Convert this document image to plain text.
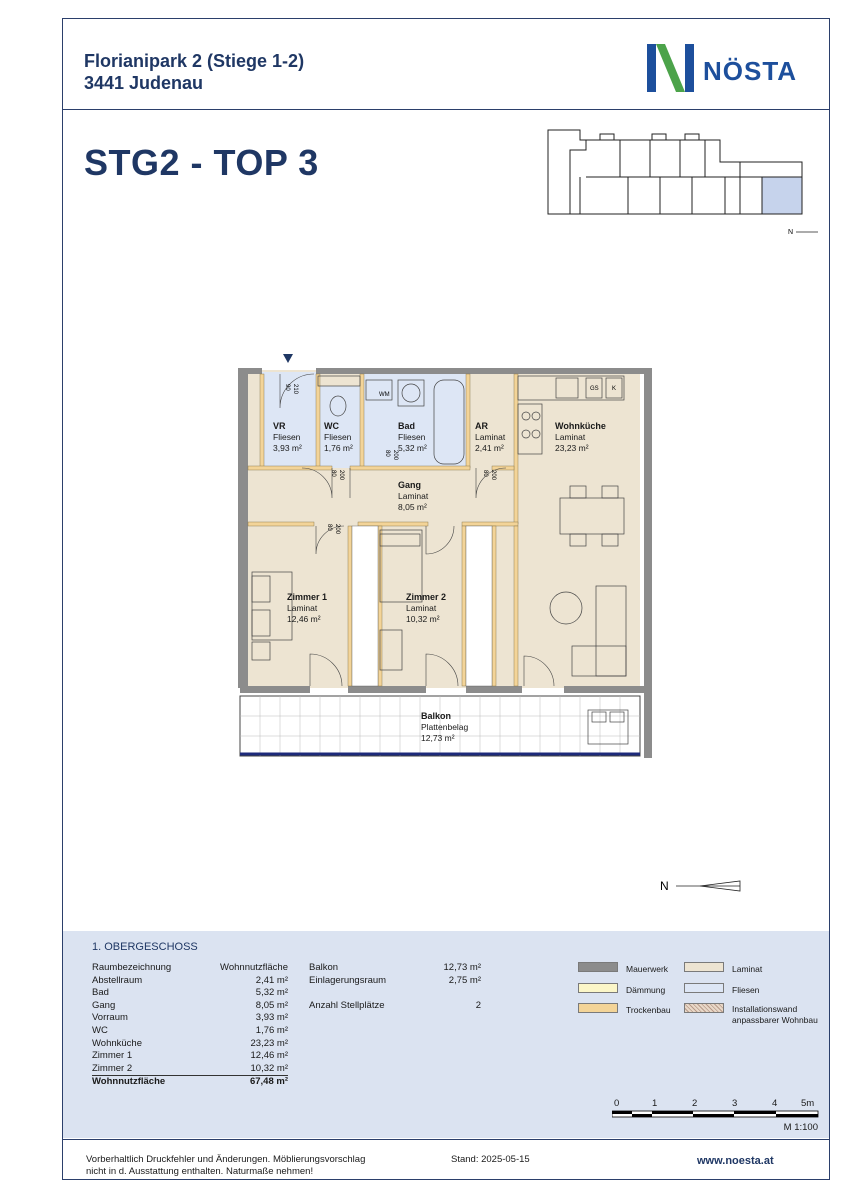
Florianipark 2 (Stiege 1-2)
3441 Judenau	NÖSTA
STG2 - TOP 3
N
90 210
80 200
80 200
80 200
80 200
WM
GS K
VR
Fliesen
3,93 m²
WC
Fliesen
1,76 m²
Bad
Fliesen
5,32 m²
AR
Laminat
2,41 m²
Wohnküche
Laminat
23,23 m²
Gang
Laminat
8,05 m²
Zimmer 1
Laminat
12,46 m²
Zimmer 2
Laminat
10,32 m²
Balkon
Plattenbelag
12,73 m²
N
1. OBERGESCHOSS
Raumbezeichnung	Wohnnutzfläche
Abstellraum	2,41 m²
Bad	5,32 m²
Gang	8,05 m²
Vorraum	3,93 m²
WC	1,76 m²
Wohnküche	23,23 m²
Zimmer 1	12,46 m²
Zimmer 2	10,32 m²
Wohnnutzfläche	67,48 m²
Balkon	12,73 m²
Einlagerungsraum	2,75 m²
Anzahl Stellplätze	2
Mauerwerk
Dämmung
Trockenbau
Laminat
Fliesen
Installationswand anpassbarer Wohnbau
0	1	2	3	4 5m
M 1:100
Vorberhaltlich Druckfehler und Änderungen. Möblierungsvorschlag
nicht in d. Ausstattung enthalten. Naturmaße nehmen!
Stand: 2025-05-15	www.noesta.at
